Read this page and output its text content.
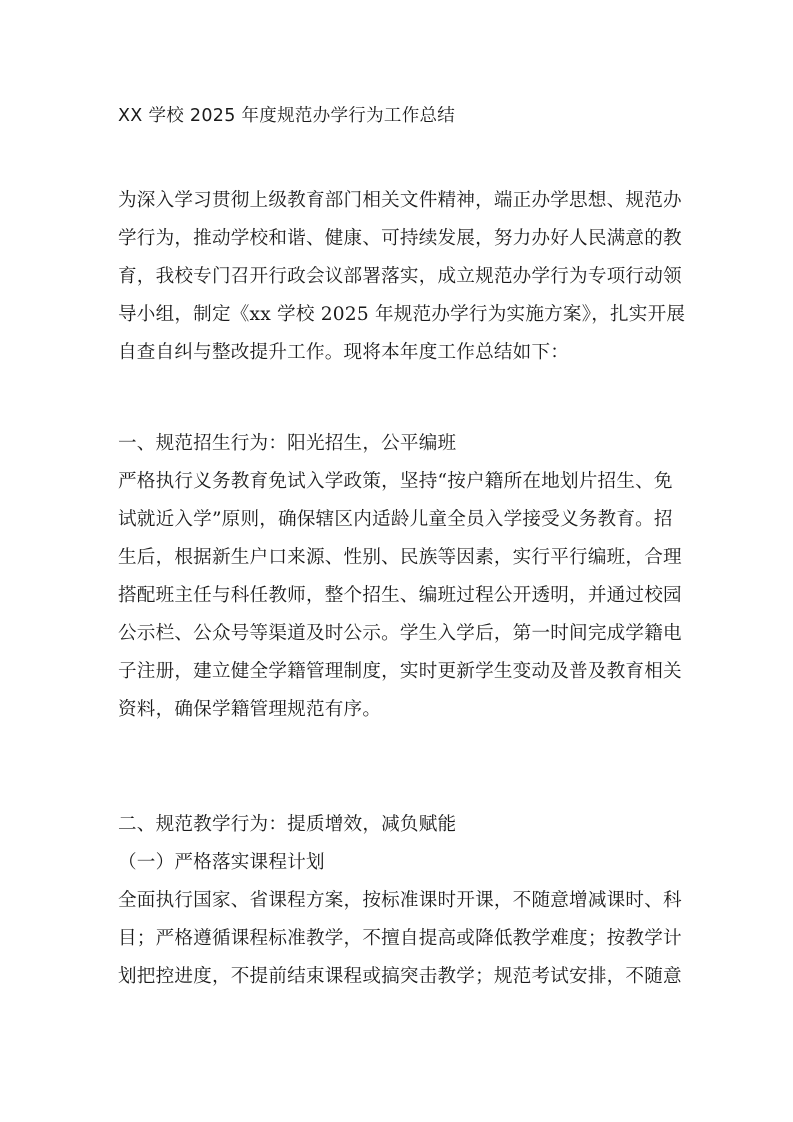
XX 学校 2025 年度规范办学行为工作总结
为深入学习贯彻上级教育部门相关文件精神，端正办学思想、规范办
学行为，推动学校和谐、健康、可持续发展，努力办好人民满意的教
育，我校专门召开行政会议部署落实，成立规范办学行为专项行动领
导小组，制定《xx 学校 2025 年规范办学行为实施方案》，扎实开展
自查自纠与整改提升工作。现将本年度工作总结如下：
一、规范招生行为：阳光招生，公平编班
严格执行义务教育免试入学政策，坚持“按户籍所在地划片招生、免
试就近入学”原则，确保辖区内适龄儿童全员入学接受义务教育。招
生后，根据新生户口来源、性别、民族等因素，实行平行编班，合理
搭配班主任与科任教师，整个招生、编班过程公开透明，并通过校园
公示栏、公众号等渠道及时公示。学生入学后，第一时间完成学籍电
子注册，建立健全学籍管理制度，实时更新学生变动及普及教育相关
资料，确保学籍管理规范有序。
二、规范教学行为：提质增效，减负赋能
（一）严格落实课程计划
全面执行国家、省课程方案，按标准课时开课，不随意增减课时、科
目；严格遵循课程标准教学，不擅自提高或降低教学难度；按教学计
划把控进度，不提前结束课程或搞突击教学；规范考试安排，不随意
